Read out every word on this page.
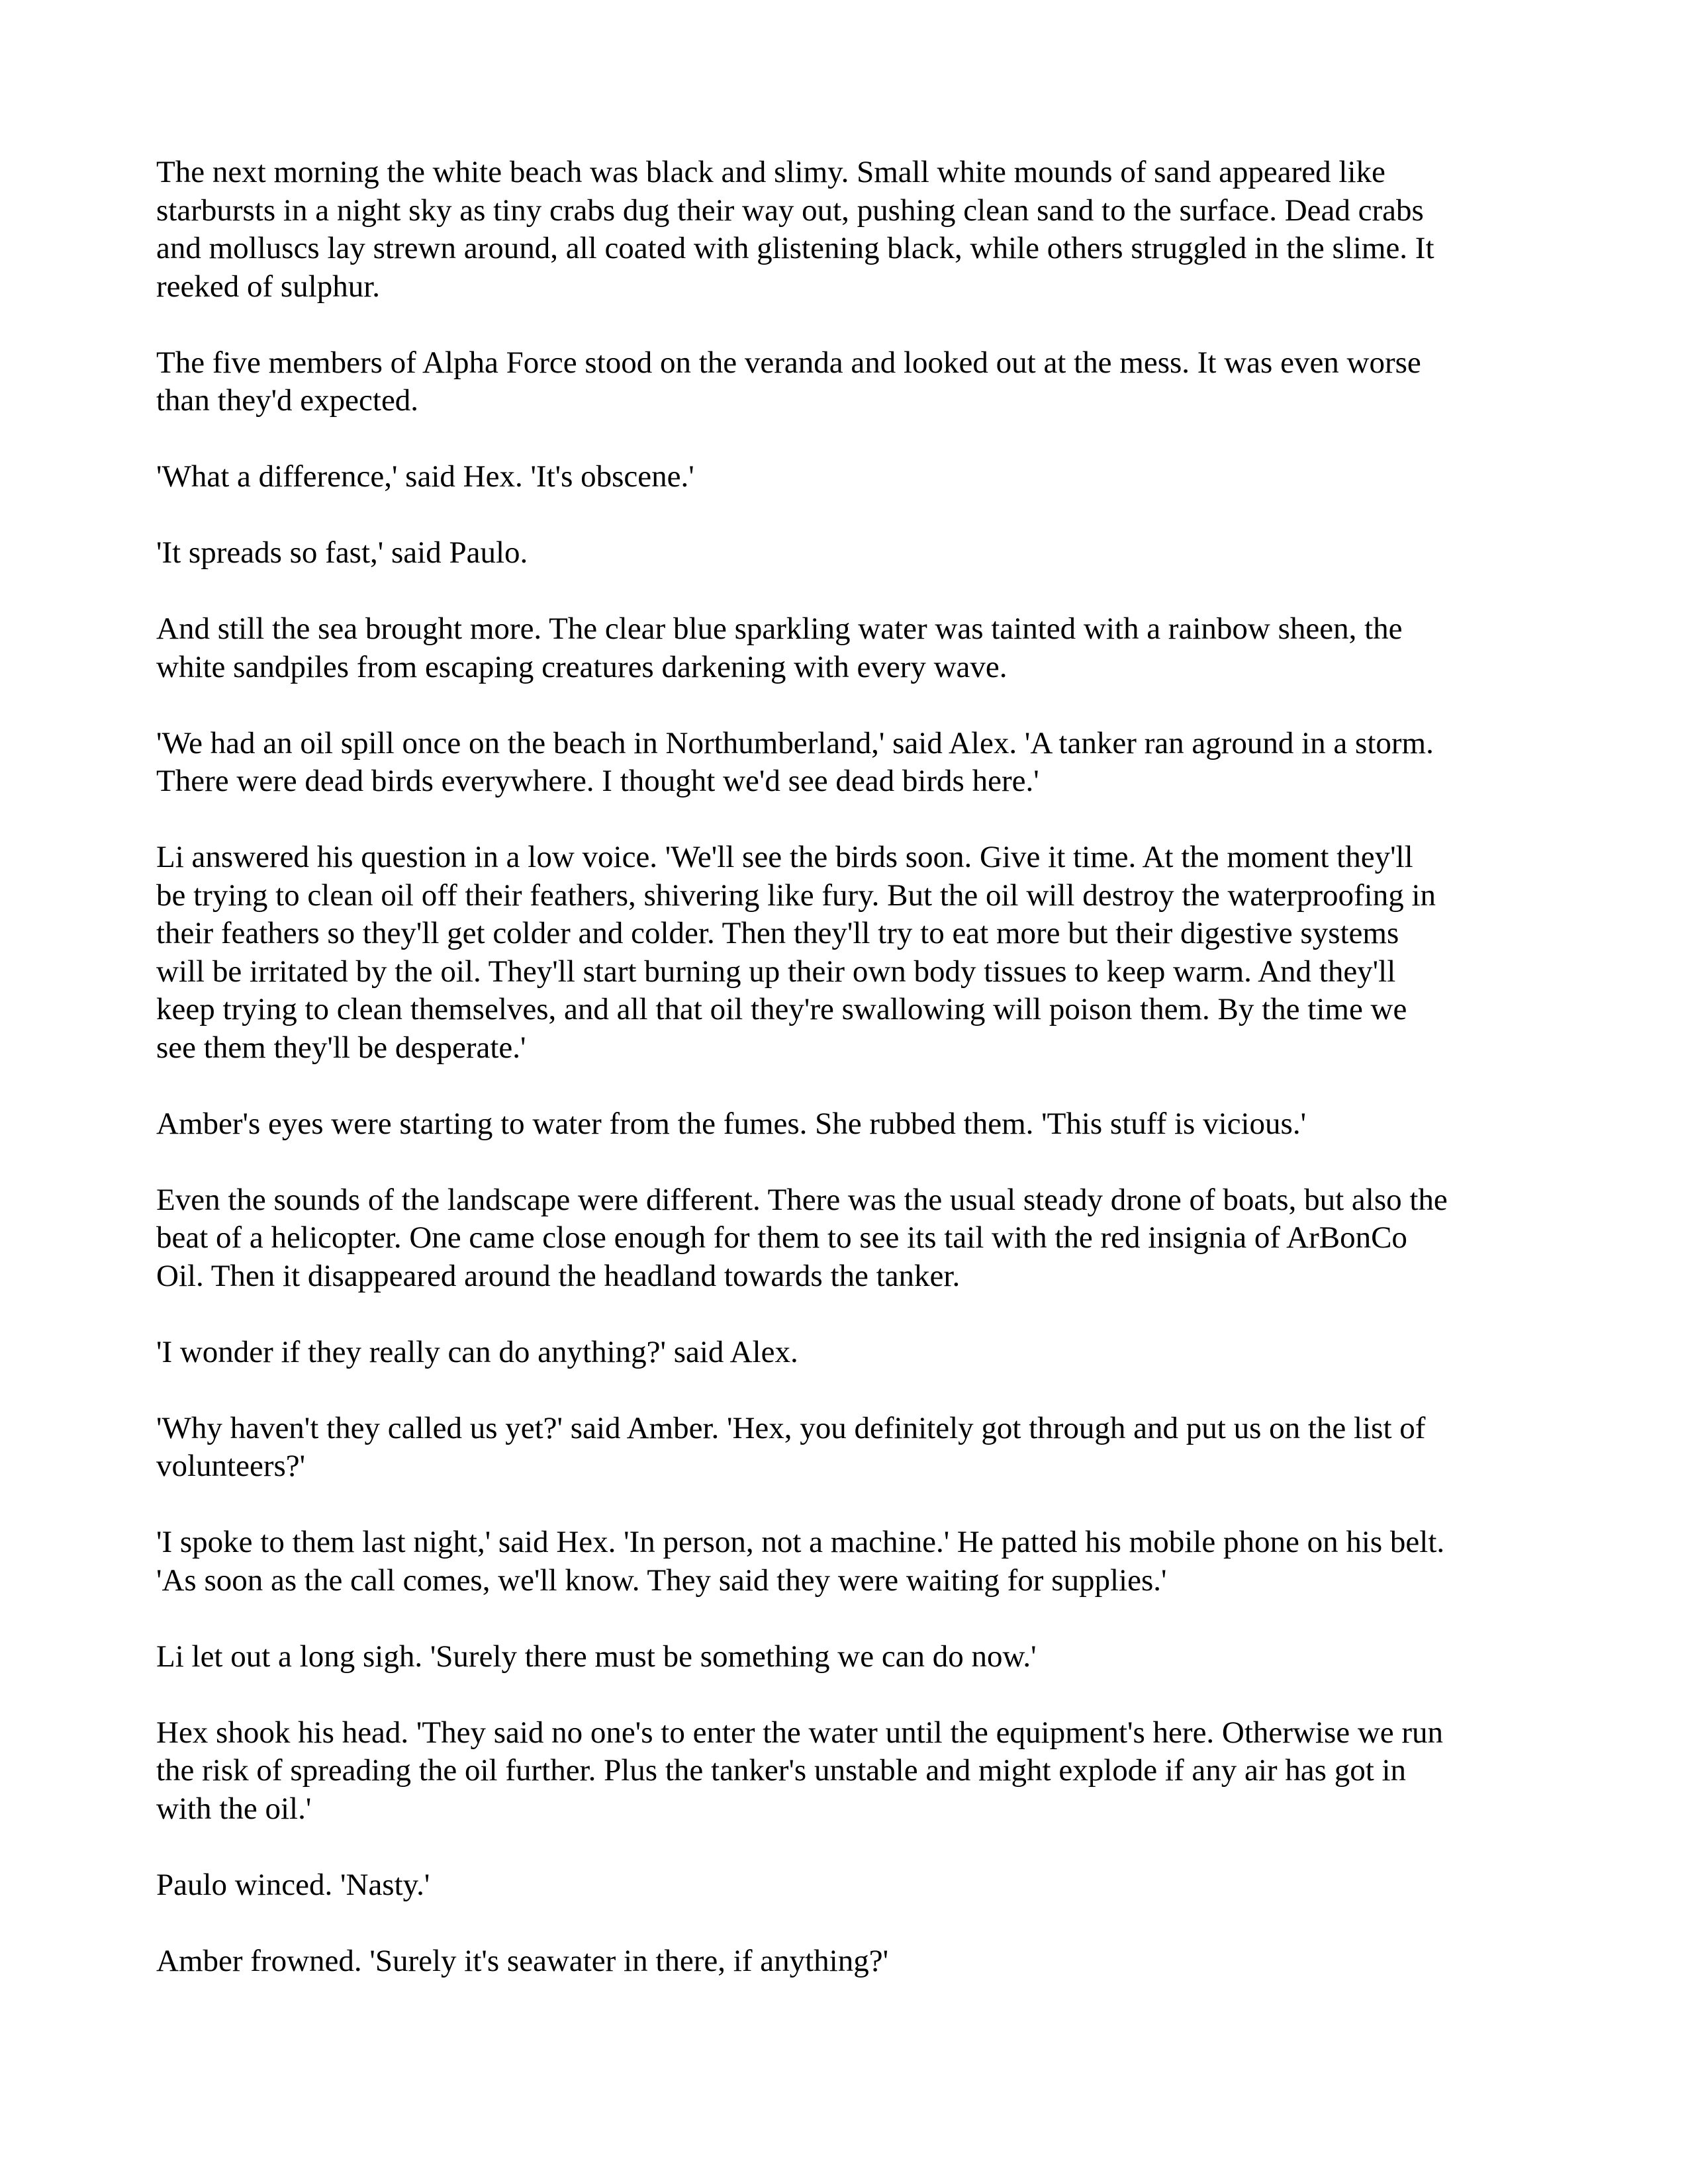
The next morning the white beach was black and slimy. Small white mounds of sand appeared like
starbursts in a night sky as tiny crabs dug their way out, pushing clean sand to the surface. Dead crabs
and molluscs lay strewn around, all coated with glistening black, while others struggled in the slime. It
reeked of sulphur.

The five members of Alpha Force stood on the veranda and looked out at the mess. It was even worse
than they'd expected.

'What a difference,' said Hex. 'It's obscene.'

'It spreads so fast,' said Paulo.

And still the sea brought more. The clear blue sparkling water was tainted with a rainbow sheen, the
white sandpiles from escaping creatures darkening with every wave.

'We had an oil spill once on the beach in Northumberland,' said Alex. 'A tanker ran aground in a storm.
There were dead birds everywhere. I thought we'd see dead birds here.'

Li answered his question in a low voice. 'We'll see the birds soon. Give it time. At the moment they'll
be trying to clean oil off their feathers, shivering like fury. But the oil will destroy the waterproofing in
their feathers so they'll get colder and colder. Then they'll try to eat more but their digestive systems
will be irritated by the oil. They'll start burning up their own body tissues to keep warm. And they'll
keep trying to clean themselves, and all that oil they're swallowing will poison them. By the time we
see them they'll be desperate.'

Amber's eyes were starting to water from the fumes. She rubbed them. 'This stuff is vicious.'

Even the sounds of the landscape were different. There was the usual steady drone of boats, but also the
beat of a helicopter. One came close enough for them to see its tail with the red insignia of ArBonCo
Oil. Then it disappeared around the headland towards the tanker.

'I wonder if they really can do anything?' said Alex.

'Why haven't they called us yet?' said Amber. 'Hex, you definitely got through and put us on the list of
volunteers?'

'I spoke to them last night,' said Hex. 'In person, not a machine.' He patted his mobile phone on his belt.
'As soon as the call comes, we'll know. They said they were waiting for supplies.'

Li let out a long sigh. 'Surely there must be something we can do now.'

Hex shook his head. 'They said no one's to enter the water until the equipment's here. Otherwise we run
the risk of spreading the oil further. Plus the tanker's unstable and might explode if any air has got in
with the oil.'

Paulo winced. 'Nasty.'

Amber frowned. 'Surely it's seawater in there, if anything?'
